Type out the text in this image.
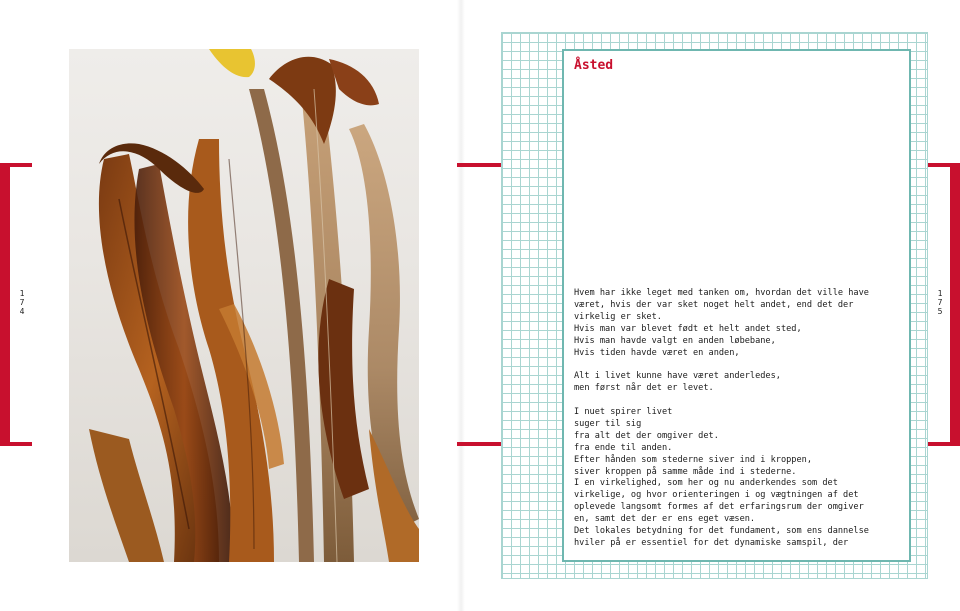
1
7
4
1
7
5
Åsted
Hvem har ikke leget med tanken om, hvordan det ville have
været, hvis der var sket noget helt andet, end det der
virkelig er sket.
Hvis man var blevet født et helt andet sted,
Hvis man havde valgt en anden løbebane,
Hvis tiden havde været en anden,
Alt i livet kunne have været anderledes,
men først når det er levet.
I nuet spirer livet
suger til sig
fra alt det der omgiver det.
fra ende til anden.
Efter hånden som stederne siver ind i kroppen,
siver kroppen på samme måde ind i stederne.
I en virkelighed, som her og nu anderkendes som det
virkelige, og hvor orienteringen i og vægtningen af det
oplevede langsomt formes af det erfaringsrum der omgiver
en, samt det der er ens eget væsen.
Det lokales betydning for det fundament, som ens dannelse
hviler på er essentiel for det dynamiske samspil, der
